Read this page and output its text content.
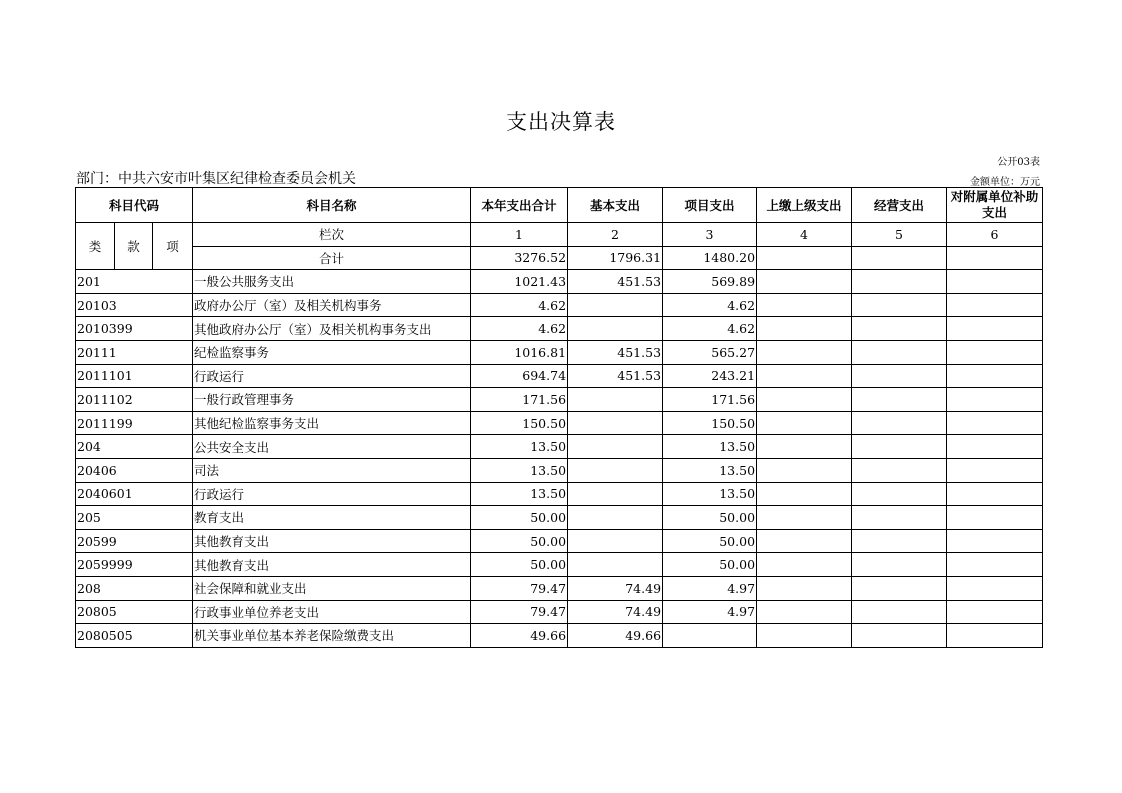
支出决算表
公开03表
部门：中共六安市叶集区纪律检查委员会机关	金额单位：万元
科目代码			科目名称	本年支出合计	基本支出	项目支出	上缴上级支出	经营支出	对附属单位补助支出
类	款	项	栏次	1	2	3	4	5	6
			合计	3276.52	1796.31	1480.20			
201			一般公共服务支出	1021.43	451.53	569.89			
20103			政府办公厅（室）及相关机构事务	4.62		4.62			
2010399			其他政府办公厅（室）及相关机构事务支出	4.62		4.62			
20111			纪检监察事务	1016.81	451.53	565.27			
2011101			行政运行	694.74	451.53	243.21			
2011102			一般行政管理事务	171.56		171.56			
2011199			其他纪检监察事务支出	150.50		150.50			
204			公共安全支出	13.50		13.50			
20406			司法	13.50		13.50			
2040601			行政运行	13.50		13.50			
205			教育支出	50.00		50.00			
20599			其他教育支出	50.00		50.00			
2059999			其他教育支出	50.00		50.00			
208			社会保障和就业支出	79.47	74.49	4.97			
20805			行政事业单位养老支出	79.47	74.49	4.97			
2080505			机关事业单位基本养老保险缴费支出	49.66	49.66				
